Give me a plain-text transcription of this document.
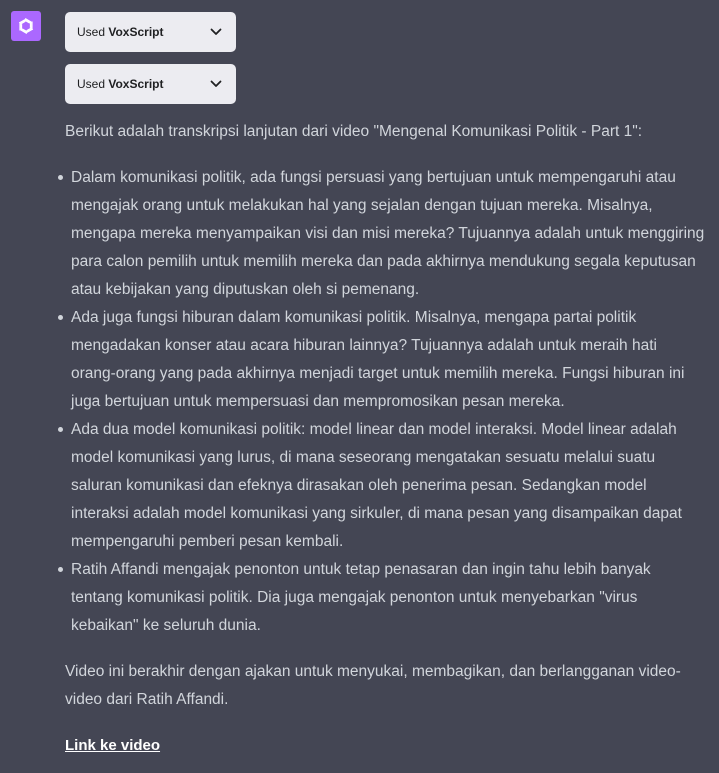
Used VoxScript
Used VoxScript

Berikut adalah transkripsi lanjutan dari video "Mengenal Komunikasi Politik - Part 1":

Dalam komunikasi politik, ada fungsi persuasi yang bertujuan untuk mempengaruhi atau mengajak orang untuk melakukan hal yang sejalan dengan tujuan mereka. Misalnya, mengapa mereka menyampaikan visi dan misi mereka? Tujuannya adalah untuk menggiring para calon pemilih untuk memilih mereka dan pada akhirnya mendukung segala keputusan atau kebijakan yang diputuskan oleh si pemenang.
Ada juga fungsi hiburan dalam komunikasi politik. Misalnya, mengapa partai politik mengadakan konser atau acara hiburan lainnya? Tujuannya adalah untuk meraih hati orang-orang yang pada akhirnya menjadi target untuk memilih mereka. Fungsi hiburan ini juga bertujuan untuk mempersuasi dan mempromosikan pesan mereka.
Ada dua model komunikasi politik: model linear dan model interaksi. Model linear adalah model komunikasi yang lurus, di mana seseorang mengatakan sesuatu melalui suatu saluran komunikasi dan efeknya dirasakan oleh penerima pesan. Sedangkan model interaksi adalah model komunikasi yang sirkuler, di mana pesan yang disampaikan dapat mempengaruhi pemberi pesan kembali.
Ratih Affandi mengajak penonton untuk tetap penasaran dan ingin tahu lebih banyak tentang komunikasi politik. Dia juga mengajak penonton untuk menyebarkan "virus kebaikan" ke seluruh dunia.

Video ini berakhir dengan ajakan untuk menyukai, membagikan, dan berlangganan video-video dari Ratih Affandi.

Link ke video
